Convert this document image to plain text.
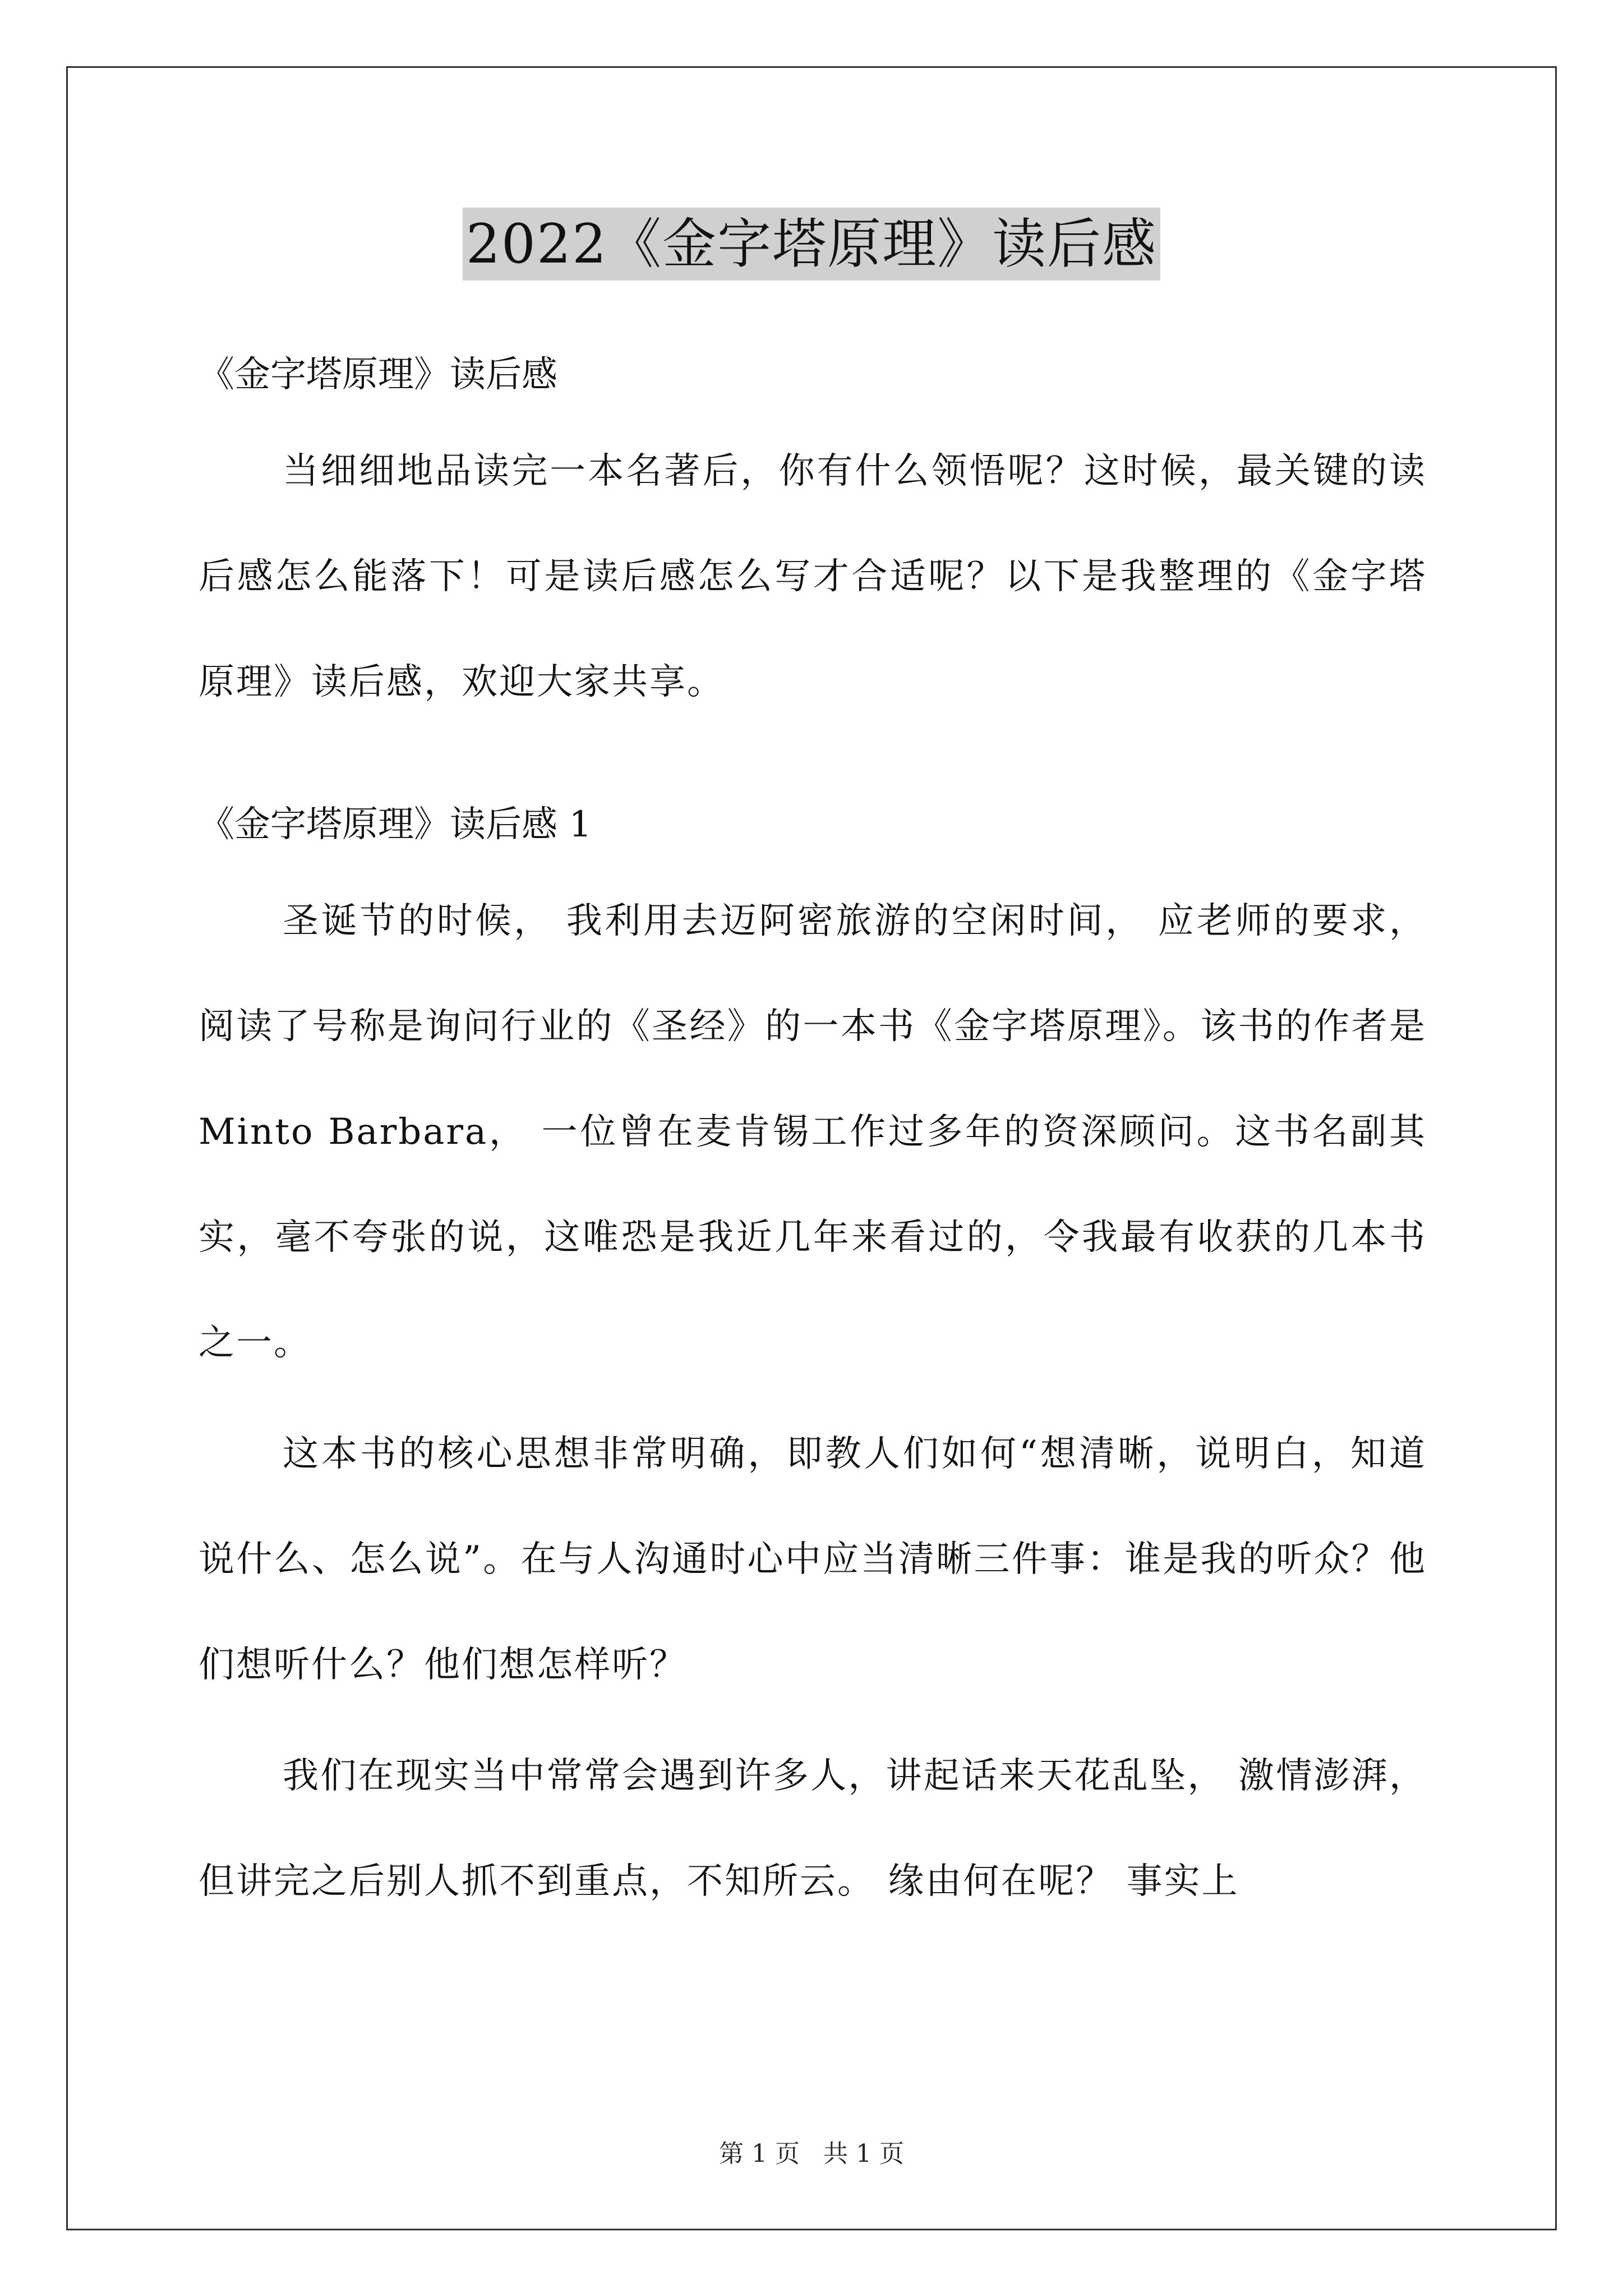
2022《金字塔原理》读后感

《金字塔原理》读后感

当细细地品读完一本名著后，你有什么领悟呢？这时候，最关键的读后感怎么能落下！可是读后感怎么写才合适呢？以下是我整理的《金字塔原理》读后感，欢迎大家共享。

《金字塔原理》读后感 1

圣诞节的时候， 我利用去迈阿密旅游的空闲时间， 应老师的要求，阅读了号称是询问行业的《圣经》的一本书《金字塔原理》。该书的作者是 Minto Barbara， 一位曾在麦肯锡工作过多年的资深顾问。这书名副其实，毫不夸张的说，这唯恐是我近几年来看过的，令我最有收获的几本书之一。

这本书的核心思想非常明确，即教人们如何“想清晰，说明白，知道说什么、怎么说”。在与人沟通时心中应当清晰三件事：谁是我的听众？他们想听什么？他们想怎样听？

我们在现实当中常常会遇到许多人，讲起话来天花乱坠， 激情澎湃，但讲完之后别人抓不到重点，不知所云。 缘由何在呢？ 事实上

第 1 页 共 1 页
